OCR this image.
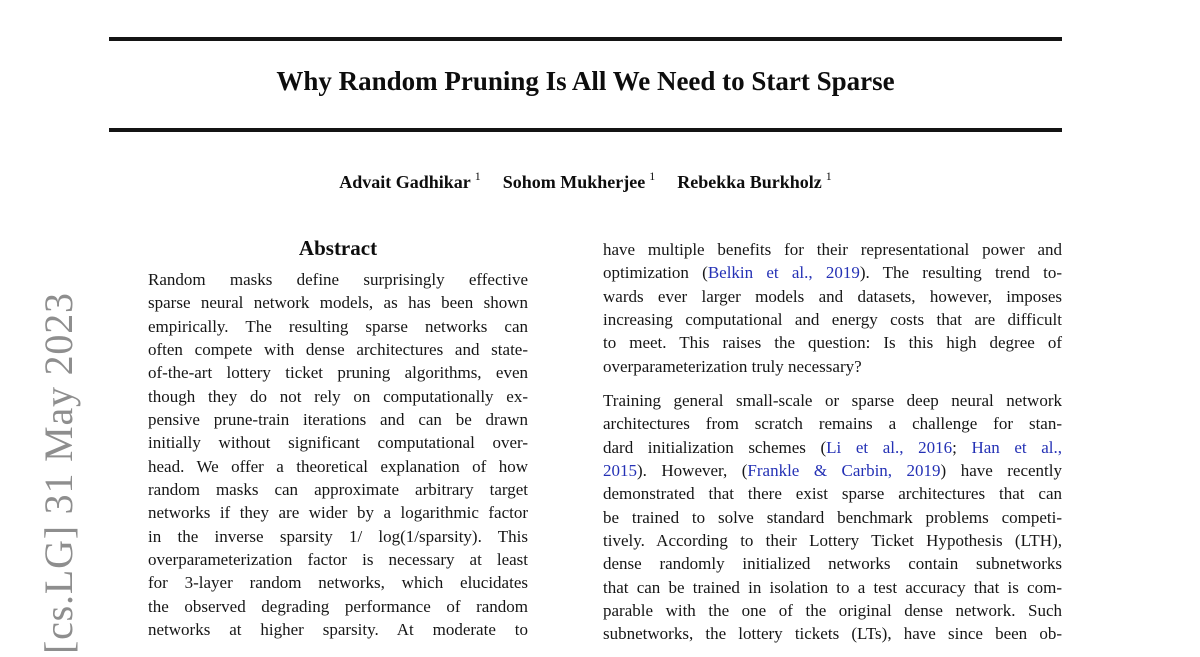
[cs.LG] 31 May 2023
Why Random Pruning Is All We Need to Start Sparse
Advait Gadhikar $^1$ Sohom Mukherjee $^1$ Rebekka Burkholz $^1$
Abstract
Random masks define surprisingly effective
sparse neural network models, as has been shown
empirically. The resulting sparse networks can
often compete with dense architectures and state-
of-the-art lottery ticket pruning algorithms, even
though they do not rely on computationally ex-
pensive prune-train iterations and can be drawn
initially without significant computational over-
head. We offer a theoretical explanation of how
random masks can approximate arbitrary target
networks if they are wider by a logarithmic factor
in the inverse sparsity 1/ log(1/sparsity). This
overparameterization factor is necessary at least
for 3-layer random networks, which elucidates
the observed degrading performance of random
networks at higher sparsity. At moderate to
have multiple benefits for their representational power and
optimization (Belkin et al., 2019). The resulting trend to-
wards ever larger models and datasets, however, imposes
increasing computational and energy costs that are difficult
to meet. This raises the question: Is this high degree of
overparameterization truly necessary?
Training general small-scale or sparse deep neural network
architectures from scratch remains a challenge for stan-
dard initialization schemes (Li et al., 2016; Han et al.,
2015). However, (Frankle & Carbin, 2019) have recently
demonstrated that there exist sparse architectures that can
be trained to solve standard benchmark problems competi-
tively. According to their Lottery Ticket Hypothesis (LTH),
dense randomly initialized networks contain subnetworks
that can be trained in isolation to a test accuracy that is com-
parable with the one of the original dense network. Such
subnetworks, the lottery tickets (LTs), have since been ob-
